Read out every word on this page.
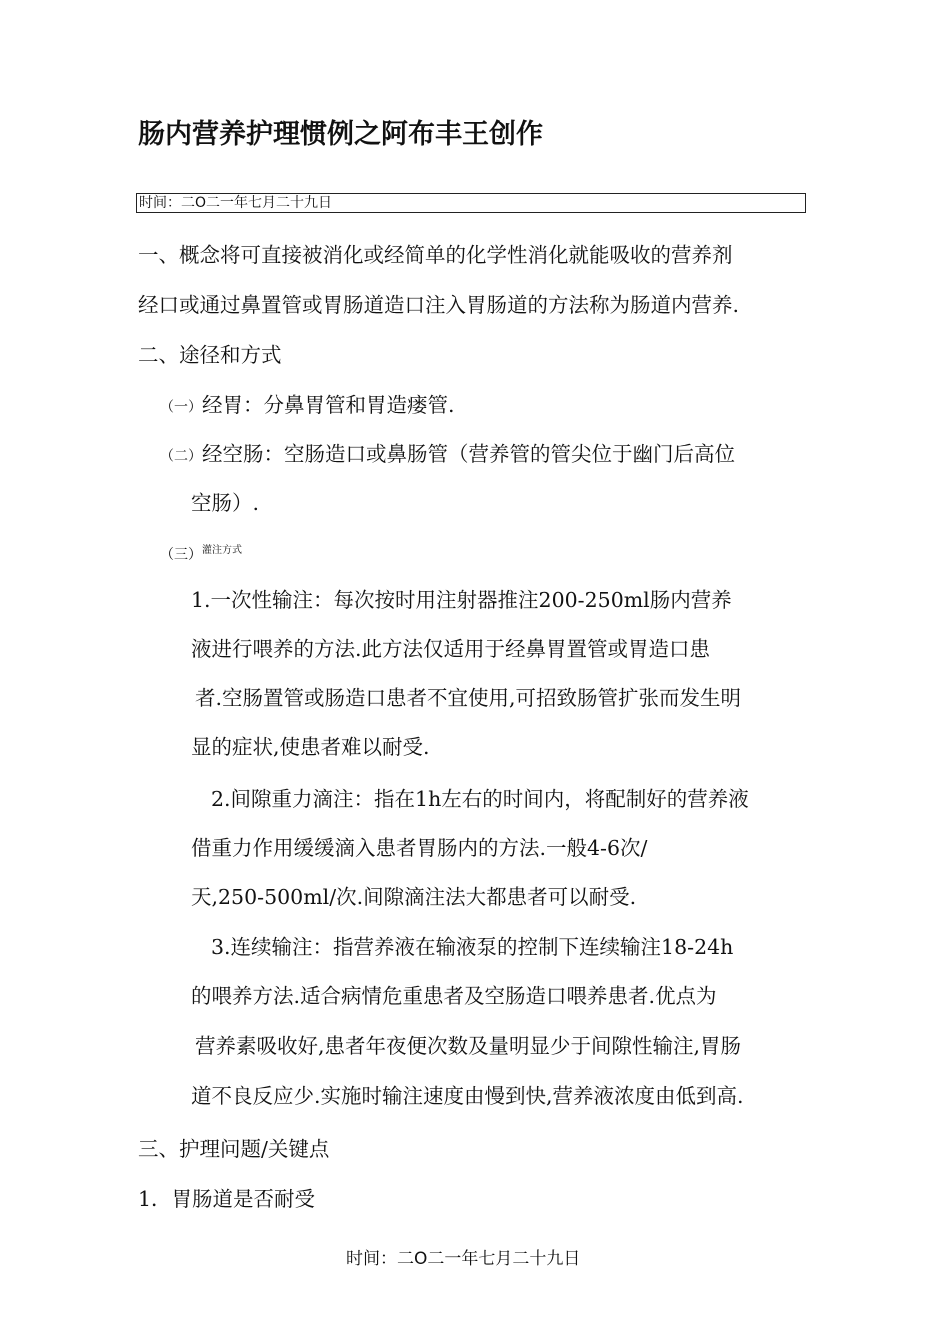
肠内营养护理惯例之阿布丰王创作
时间：二O二一年七月二十九日

一、概念将可直接被消化或经简单的化学性消化就能吸收的营养剂

经口或通过鼻置管或胃肠道造口注入胃肠道的方法称为肠道内营养.

二、途径和方式

（一）经胃：分鼻胃管和胃造瘘管.
（二）经空肠：空肠造口或鼻肠管（营养管的管尖位于幽门后高位

空肠）.

（三）$^{灌注方式}$

1.一次性输注：每次按时用注射器推注200-250ml肠内营养

液进行喂养的方法.此方法仅适用于经鼻胃置管或胃造口患

者.空肠置管或肠造口患者不宜使用,可招致肠管扩张而发生明

显的症状,使患者难以耐受.

2.间隙重力滴注：指在1h左右的时间内，将配制好的营养液

借重力作用缓缓滴入患者胃肠内的方法.一般4-6次/

天,250-500ml/次.间隙滴注法大都患者可以耐受.

3.连续输注：指营养液在输液泵的控制下连续输注18-24h

的喂养方法.适合病情危重患者及空肠造口喂养患者.优点为

营养素吸收好,患者年夜便次数及量明显少于间隙性输注,胃肠

道不良反应少.实施时输注速度由慢到快,营养液浓度由低到高.

三、护理问题/关键点

1．胃肠道是否耐受

时间：二O二一年七月二十九日
